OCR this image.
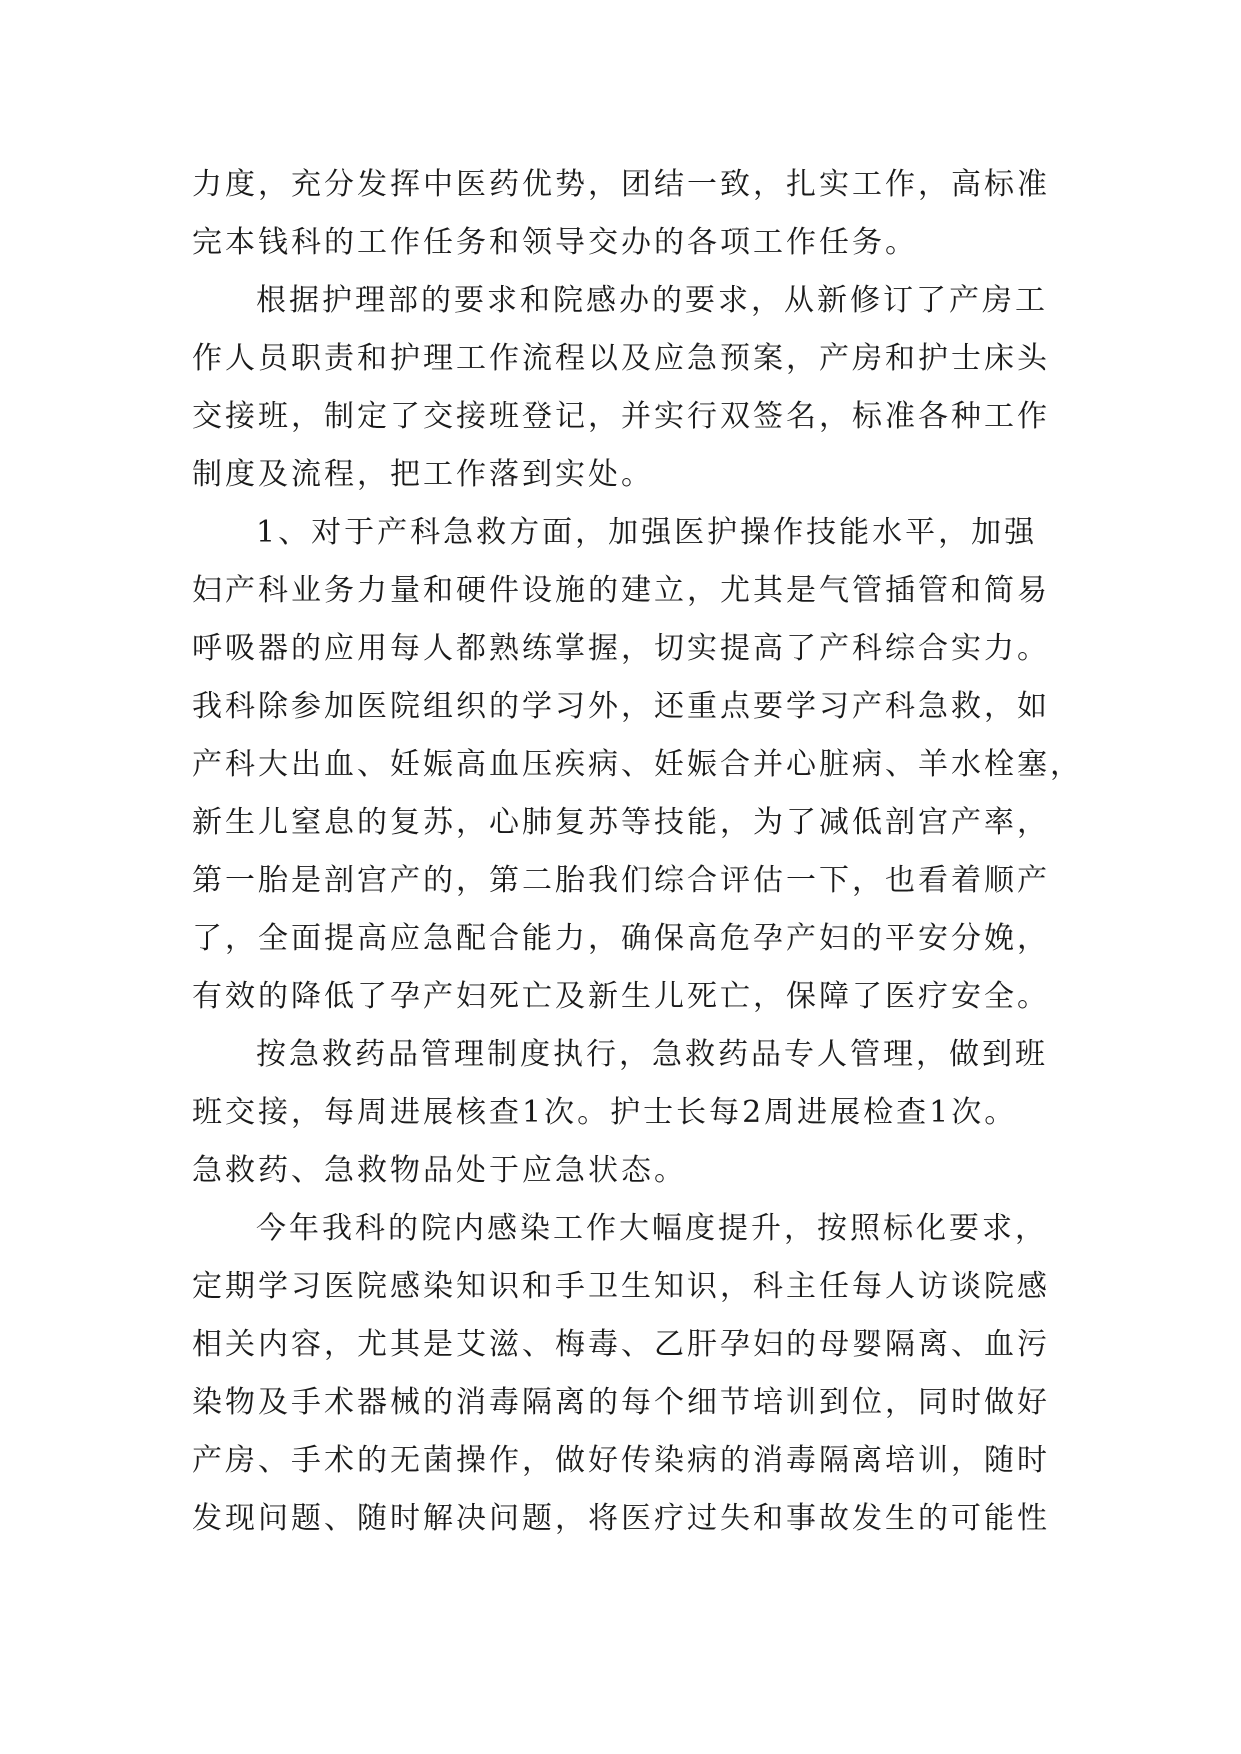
力度，充分发挥中医药优势，团结一致，扎实工作，高标准
完本钱科的工作任务和领导交办的各项工作任务。
根据护理部的要求和院感办的要求，从新修订了产房工
作人员职责和护理工作流程以及应急预案，产房和护士床头
交接班，制定了交接班登记，并实行双签名，标准各种工作
制度及流程，把工作落到实处。
1、对于产科急救方面，加强医护操作技能水平，加强
妇产科业务力量和硬件设施的建立，尤其是气管插管和简易
呼吸器的应用每人都熟练掌握，切实提高了产科综合实力。
我科除参加医院组织的学习外，还重点要学习产科急救，如
产科大出血、妊娠高血压疾病、妊娠合并心脏病、羊水栓塞，
新生儿窒息的复苏，心肺复苏等技能，为了减低剖宫产率，
第一胎是剖宫产的，第二胎我们综合评估一下，也看着顺产
了，全面提高应急配合能力，确保高危孕产妇的平安分娩，
有效的降低了孕产妇死亡及新生儿死亡，保障了医疗安全。
按急救药品管理制度执行，急救药品专人管理，做到班
班交接，每周进展核查1次。护士长每2周进展检查1次。
急救药、急救物品处于应急状态。
今年我科的院内感染工作大幅度提升，按照标化要求，
定期学习医院感染知识和手卫生知识，科主任每人访谈院感
相关内容，尤其是艾滋、梅毒、乙肝孕妇的母婴隔离、血污
染物及手术器械的消毒隔离的每个细节培训到位，同时做好
产房、手术的无菌操作，做好传染病的消毒隔离培训，随时
发现问题、随时解决问题，将医疗过失和事故发生的可能性
